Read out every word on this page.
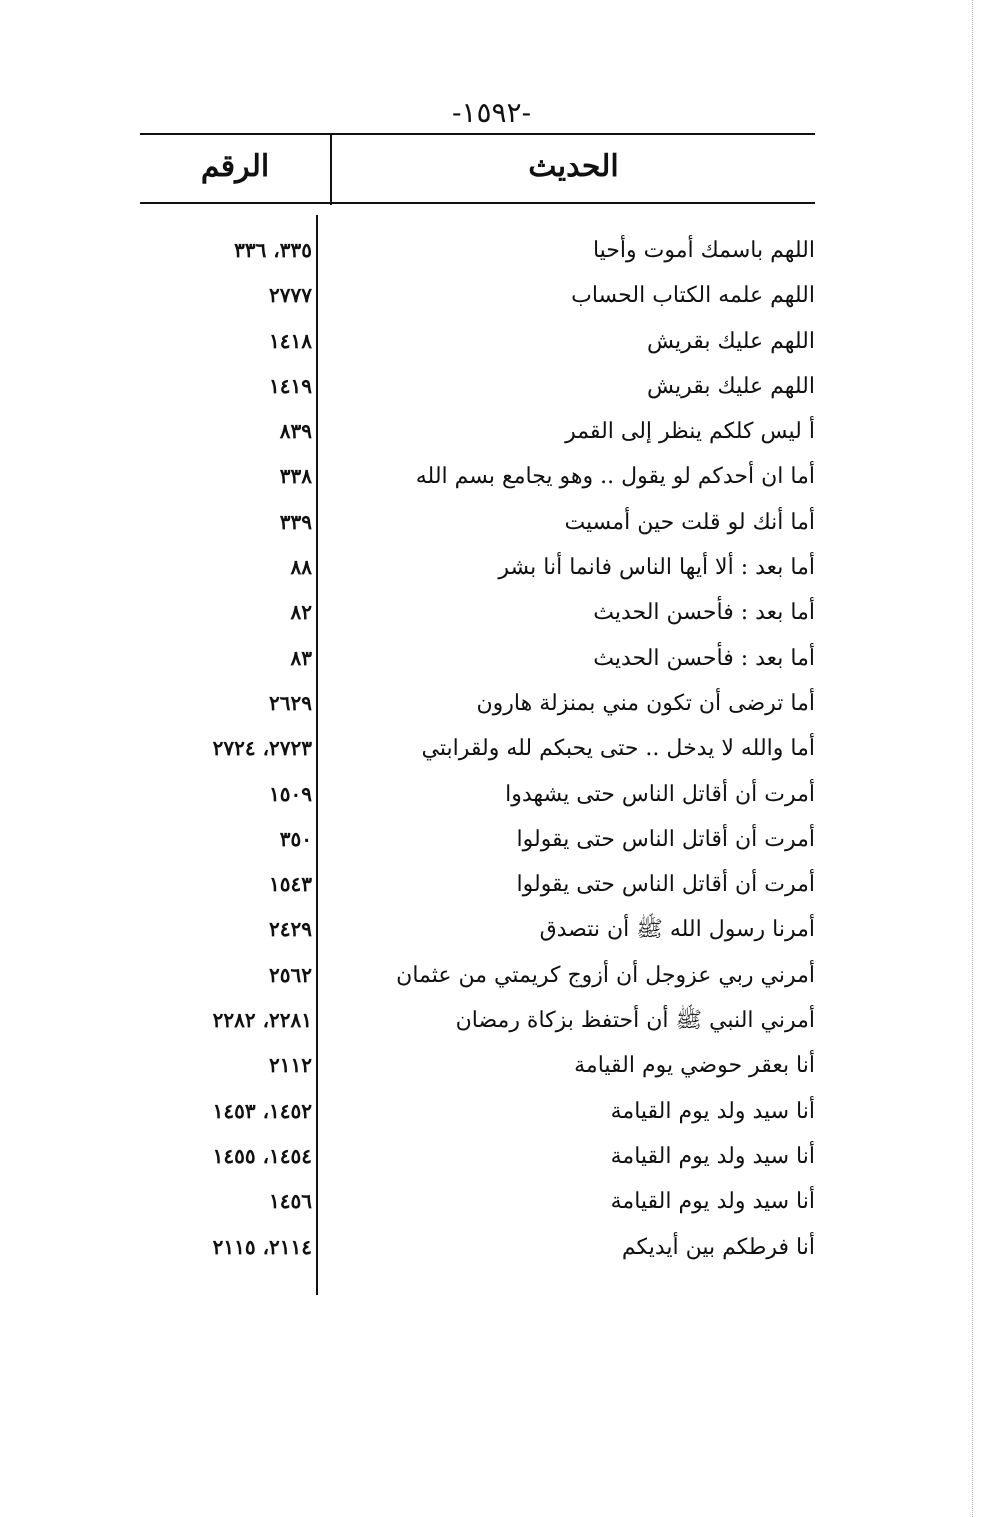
-١٥٩٢-
الحديث
الرقم
اللهم باسمك أموت وأحيا
٣٣٥، ٣٣٦
اللهم علمه الكتاب الحساب
٢٧٧٧
اللهم عليك بقريش
١٤١٨
اللهم عليك بقريش
١٤١٩
أ ليس كلكم ينظر إلى القمر
٨٣٩
أما ان أحدكم لو يقول .. وهو يجامع بسم الله
٣٣٨
أما أنك لو قلت حين أمسيت
٣٣٩
أما بعد : ألا أيها الناس فانما أنا بشر
٨٨
أما بعد : فأحسن الحديث
٨٢
أما بعد : فأحسن الحديث
٨٣
أما ترضى أن تكون مني بمنزلة هارون
٢٦٢٩
أما والله لا يدخل .. حتى يحبكم لله ولقرابتي
٢٧٢٣، ٢٧٢٤
أمرت أن أقاتل الناس حتى يشهدوا
١٥٠٩
أمرت أن أقاتل الناس حتى يقولوا
٣٥٠
أمرت أن أقاتل الناس حتى يقولوا
١٥٤٣
أمرنا رسول الله ﷺ أن نتصدق
٢٤٢٩
أمرني ربي عزوجل أن أزوج كريمتي من عثمان
٢٥٦٢
أمرني النبي ﷺ أن أحتفظ بزكاة رمضان
٢٢٨١، ٢٢٨٢
أنا بعقر حوضي يوم القيامة
٢١١٢
أنا سيد ولد يوم القيامة
١٤٥٢، ١٤٥٣
أنا سيد ولد يوم القيامة
١٤٥٤، ١٤٥٥
أنا سيد ولد يوم القيامة
١٤٥٦
أنا فرطكم بين أيديكم
٢١١٤، ٢١١٥
